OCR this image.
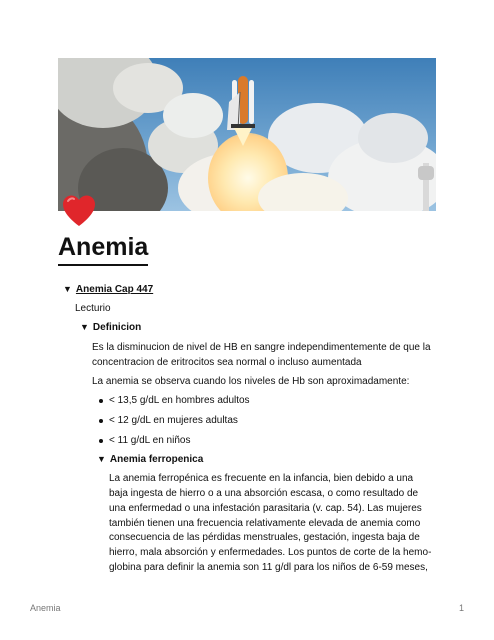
Anemia
▼ Anemia Cap 447
Lecturio
▼ Definicion
Es la disminucion de nivel de HB en sangre independimentemente de que la
concentracion de eritrocitos sea normal o incluso aumentada
La anemia se observa cuando los niveles de Hb son aproximadamente:
< 13,5 g/dL en hombres adultos
< 12 g/dL en mujeres adultas
< 11 g/dL en niños
▼ Anemia ferropenica
La anemia ferropénica es frecuente en la infancia, bien debido a una
baja ingesta de hierro o a una absorción escasa, o como resultado de
una enfermedad o una infestación parasitaria (v. cap. 54). Las mujeres
también tienen una frecuencia relativamente elevada de anemia como
consecuencia de las pérdidas menstruales, gestación, ingesta baja de
hierro, mala absorción y enfermedades. Los puntos de corte de la hemo-
globina para definir la anemia son 11 g/dl para los niños de 6-59 meses,
Anemia	1
